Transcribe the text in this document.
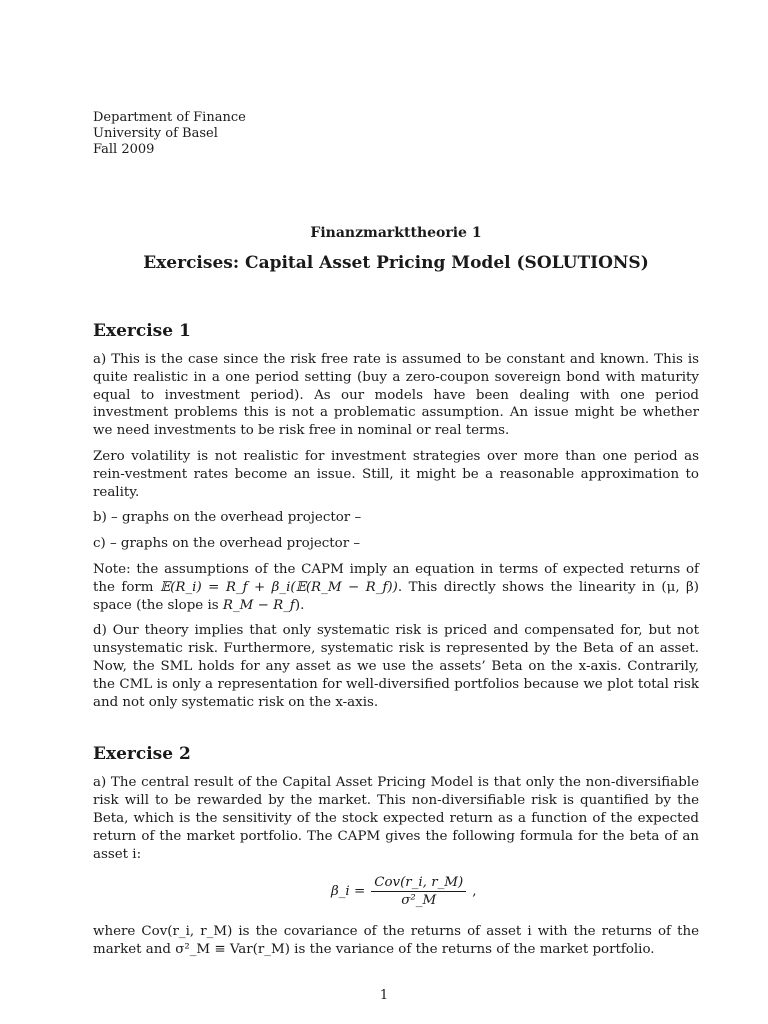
Department of Finance
University of Basel
Fall 2009
Finanzmarkttheorie 1
Exercises: Capital Asset Pricing Model (SOLUTIONS)
Exercise 1

a) This is the case since the risk free rate is assumed to be constant and known. This is quite realistic in a one period setting (buy a zero-coupon sovereign bond with maturity equal to investment period). As our models have been dealing with one period investment problems this is not a problematic assumption. An issue might be whether we need investments to be risk free in nominal or real terms.

Zero volatility is not realistic for investment strategies over more than one period as rein-vestment rates become an issue. Still, it might be a reasonable approximation to reality.

b) – graphs on the overhead projector –

c) – graphs on the overhead projector –

Note: the assumptions of the CAPM imply an equation in terms of expected returns of the form 𝔼(R_i) = R_f + β_i(𝔼(R_M − R_f)). This directly shows the linearity in (μ, β) space (the slope is R_M − R_f).

d) Our theory implies that only systematic risk is priced and compensated for, but not unsystematic risk. Furthermore, systematic risk is represented by the Beta of an asset. Now, the SML holds for any asset as we use the assets’ Beta on the x-axis. Contrarily, the CML is only a representation for well-diversified portfolios because we plot total risk and not only systematic risk on the x-axis.

Exercise 2

a) The central result of the Capital Asset Pricing Model is that only the non-diversifiable risk will to be rewarded by the market. This non-diversifiable risk is quantified by the Beta, which is the sensitivity of the stock expected return as a function of the expected return of the market portfolio. The CAPM gives the following formula for the beta of an asset i:

β_i = $\frac{\text{Cov(r\_i, r\_M)}}{\text{σ²\_M}}$ ,

where Cov(r_i, r_M) is the covariance of the returns of asset i with the returns of the market and σ²_M ≡ Var(r_M) is the variance of the returns of the market portfolio.

1
